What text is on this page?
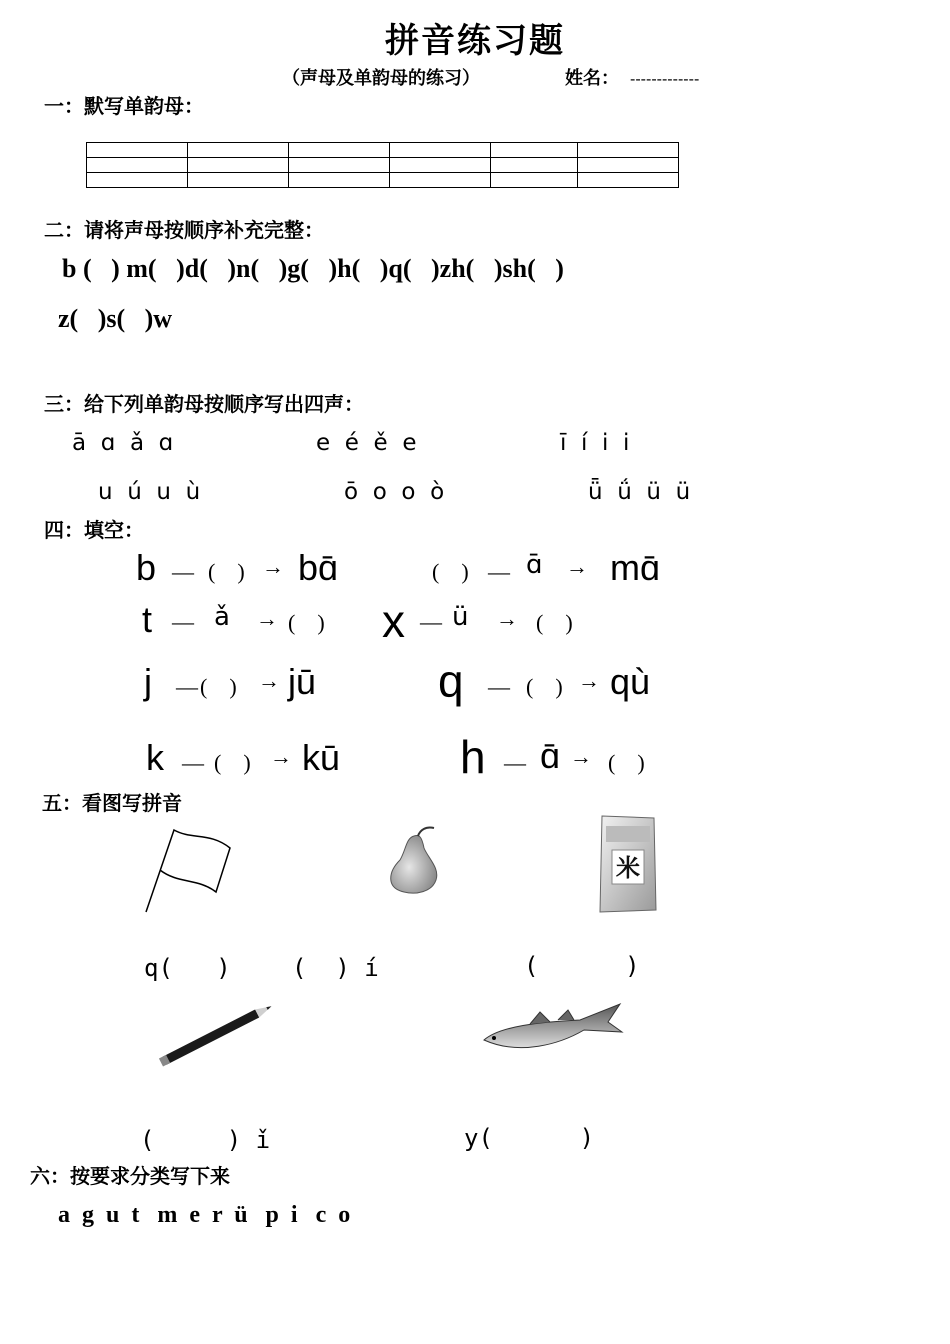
拼音练习题
（声母及单韵母的练习）	姓名： -------------
一：默写单韵母：

二：请将声母按顺序补充完整：
b (   ) m(   )d(   )n(   )g(   )h(   )q(   )zh(   )sh(   )
z(   )s(   )w
三：给下列单韵母按顺序写出四声：
ā  ɑ  ǎ  ɑ	e  é  ě  e	ī  í  i  i
u  ú  u  ù	ō  o  o  ò	ǖ  ǘ  ü  ü
四：填空：
b — (    ) → bɑ̄	(    ) — ɑ̄ → mɑ̄
t — ǎ → (    ) x — ü → (    )
j — (    ) → jū	q — (    ) → qù
k — (    ) → kū	h — ɑ̄ → (    )
五：看图写拼音
米
q(   )	(  ) í	(      )
(     ) ǐ	y(      )
六：按要求分类写下来
a  g  u  t   m  e  r  ü   p  i   c  o
